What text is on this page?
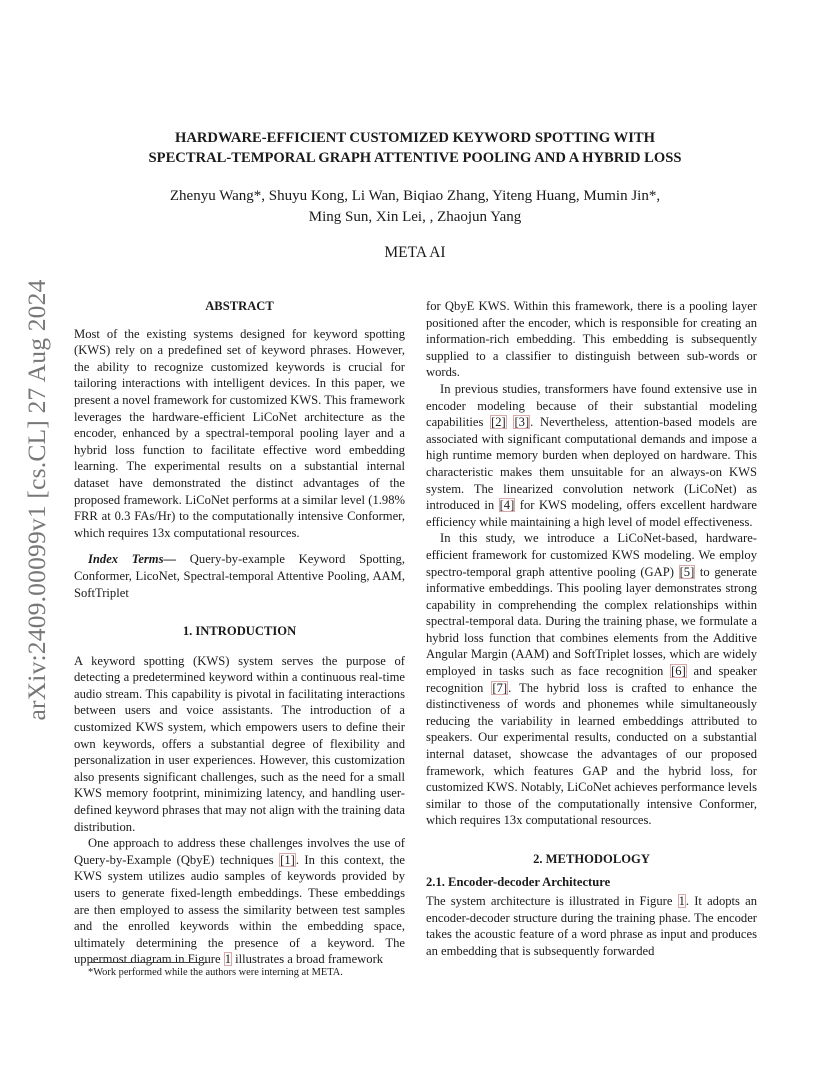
arXiv:2409.00099v1 [cs.CL] 27 Aug 2024
HARDWARE-EFFICIENT CUSTOMIZED KEYWORD SPOTTING WITH
SPECTRAL-TEMPORAL GRAPH ATTENTIVE POOLING AND A HYBRID LOSS
Zhenyu Wang*, Shuyu Kong, Li Wan, Biqiao Zhang, Yiteng Huang, Mumin Jin*,
Ming Sun, Xin Lei, , Zhaojun Yang
META AI

ABSTRACT

Most of the existing systems designed for keyword spotting (KWS) rely on a predefined set of keyword phrases. However, the ability to recognize customized keywords is crucial for tailoring interactions with intelligent devices. In this paper, we present a novel framework for customized KWS. This framework leverages the hardware-efficient LiCoNet architecture as the encoder, enhanced by a spectral-temporal pooling layer and a hybrid loss function to facilitate effective word embedding learning. The experimental results on a substantial internal dataset have demonstrated the distinct advantages of the proposed framework. LiCoNet performs at a similar level (1.98% FRR at 0.3 FAs/Hr) to the computationally intensive Conformer, which requires 13x computational resources.

Index Terms— Query-by-example Keyword Spotting, Conformer, LicoNet, Spectral-temporal Attentive Pooling, AAM, SoftTriplet

1. INTRODUCTION

A keyword spotting (KWS) system serves the purpose of detecting a predetermined keyword within a continuous real-time audio stream. This capability is pivotal in facilitating interactions between users and voice assistants. The introduction of a customized KWS system, which empowers users to define their own keywords, offers a substantial degree of flexibility and personalization in user experiences. However, this customization also presents significant challenges, such as the need for a small KWS memory footprint, minimizing latency, and handling user-defined keyword phrases that may not align with the training data distribution.

One approach to address these challenges involves the use of Query-by-Example (QbyE) techniques [1]. In this context, the KWS system utilizes audio samples of keywords provided by users to generate fixed-length embeddings. These embeddings are then employed to assess the similarity between test samples and the enrolled keywords within the embedding space, ultimately determining the presence of a keyword. The uppermost diagram in Figure 1 illustrates a broad framework

*Work performed while the authors were interning at META.

for QbyE KWS. Within this framework, there is a pooling layer positioned after the encoder, which is responsible for creating an information-rich embedding. This embedding is subsequently supplied to a classifier to distinguish between sub-words or words.

In previous studies, transformers have found extensive use in encoder modeling because of their substantial modeling capabilities [2] [3]. Nevertheless, attention-based models are associated with significant computational demands and impose a high runtime memory burden when deployed on hardware. This characteristic makes them unsuitable for an always-on KWS system. The linearized convolution network (LiCoNet) as introduced in [4] for KWS modeling, offers excellent hardware efficiency while maintaining a high level of model effectiveness.

In this study, we introduce a LiCoNet-based, hardware-efficient framework for customized KWS modeling. We employ spectro-temporal graph attentive pooling (GAP) [5] to generate informative embeddings. This pooling layer demonstrates strong capability in comprehending the complex relationships within spectral-temporal data. During the training phase, we formulate a hybrid loss function that combines elements from the Additive Angular Margin (AAM) and SoftTriplet losses, which are widely employed in tasks such as face recognition [6] and speaker recognition [7]. The hybrid loss is crafted to enhance the distinctiveness of words and phonemes while simultaneously reducing the variability in learned embeddings attributed to speakers. Our experimental results, conducted on a substantial internal dataset, showcase the advantages of our proposed framework, which features GAP and the hybrid loss, for customized KWS. Notably, LiCoNet achieves performance levels similar to those of the computationally intensive Conformer, which requires 13x computational resources.

2. METHODOLOGY

2.1. Encoder-decoder Architecture

The system architecture is illustrated in Figure 1. It adopts an encoder-decoder structure during the training phase. The encoder takes the acoustic feature of a word phrase as input and produces an embedding that is subsequently forwarded
